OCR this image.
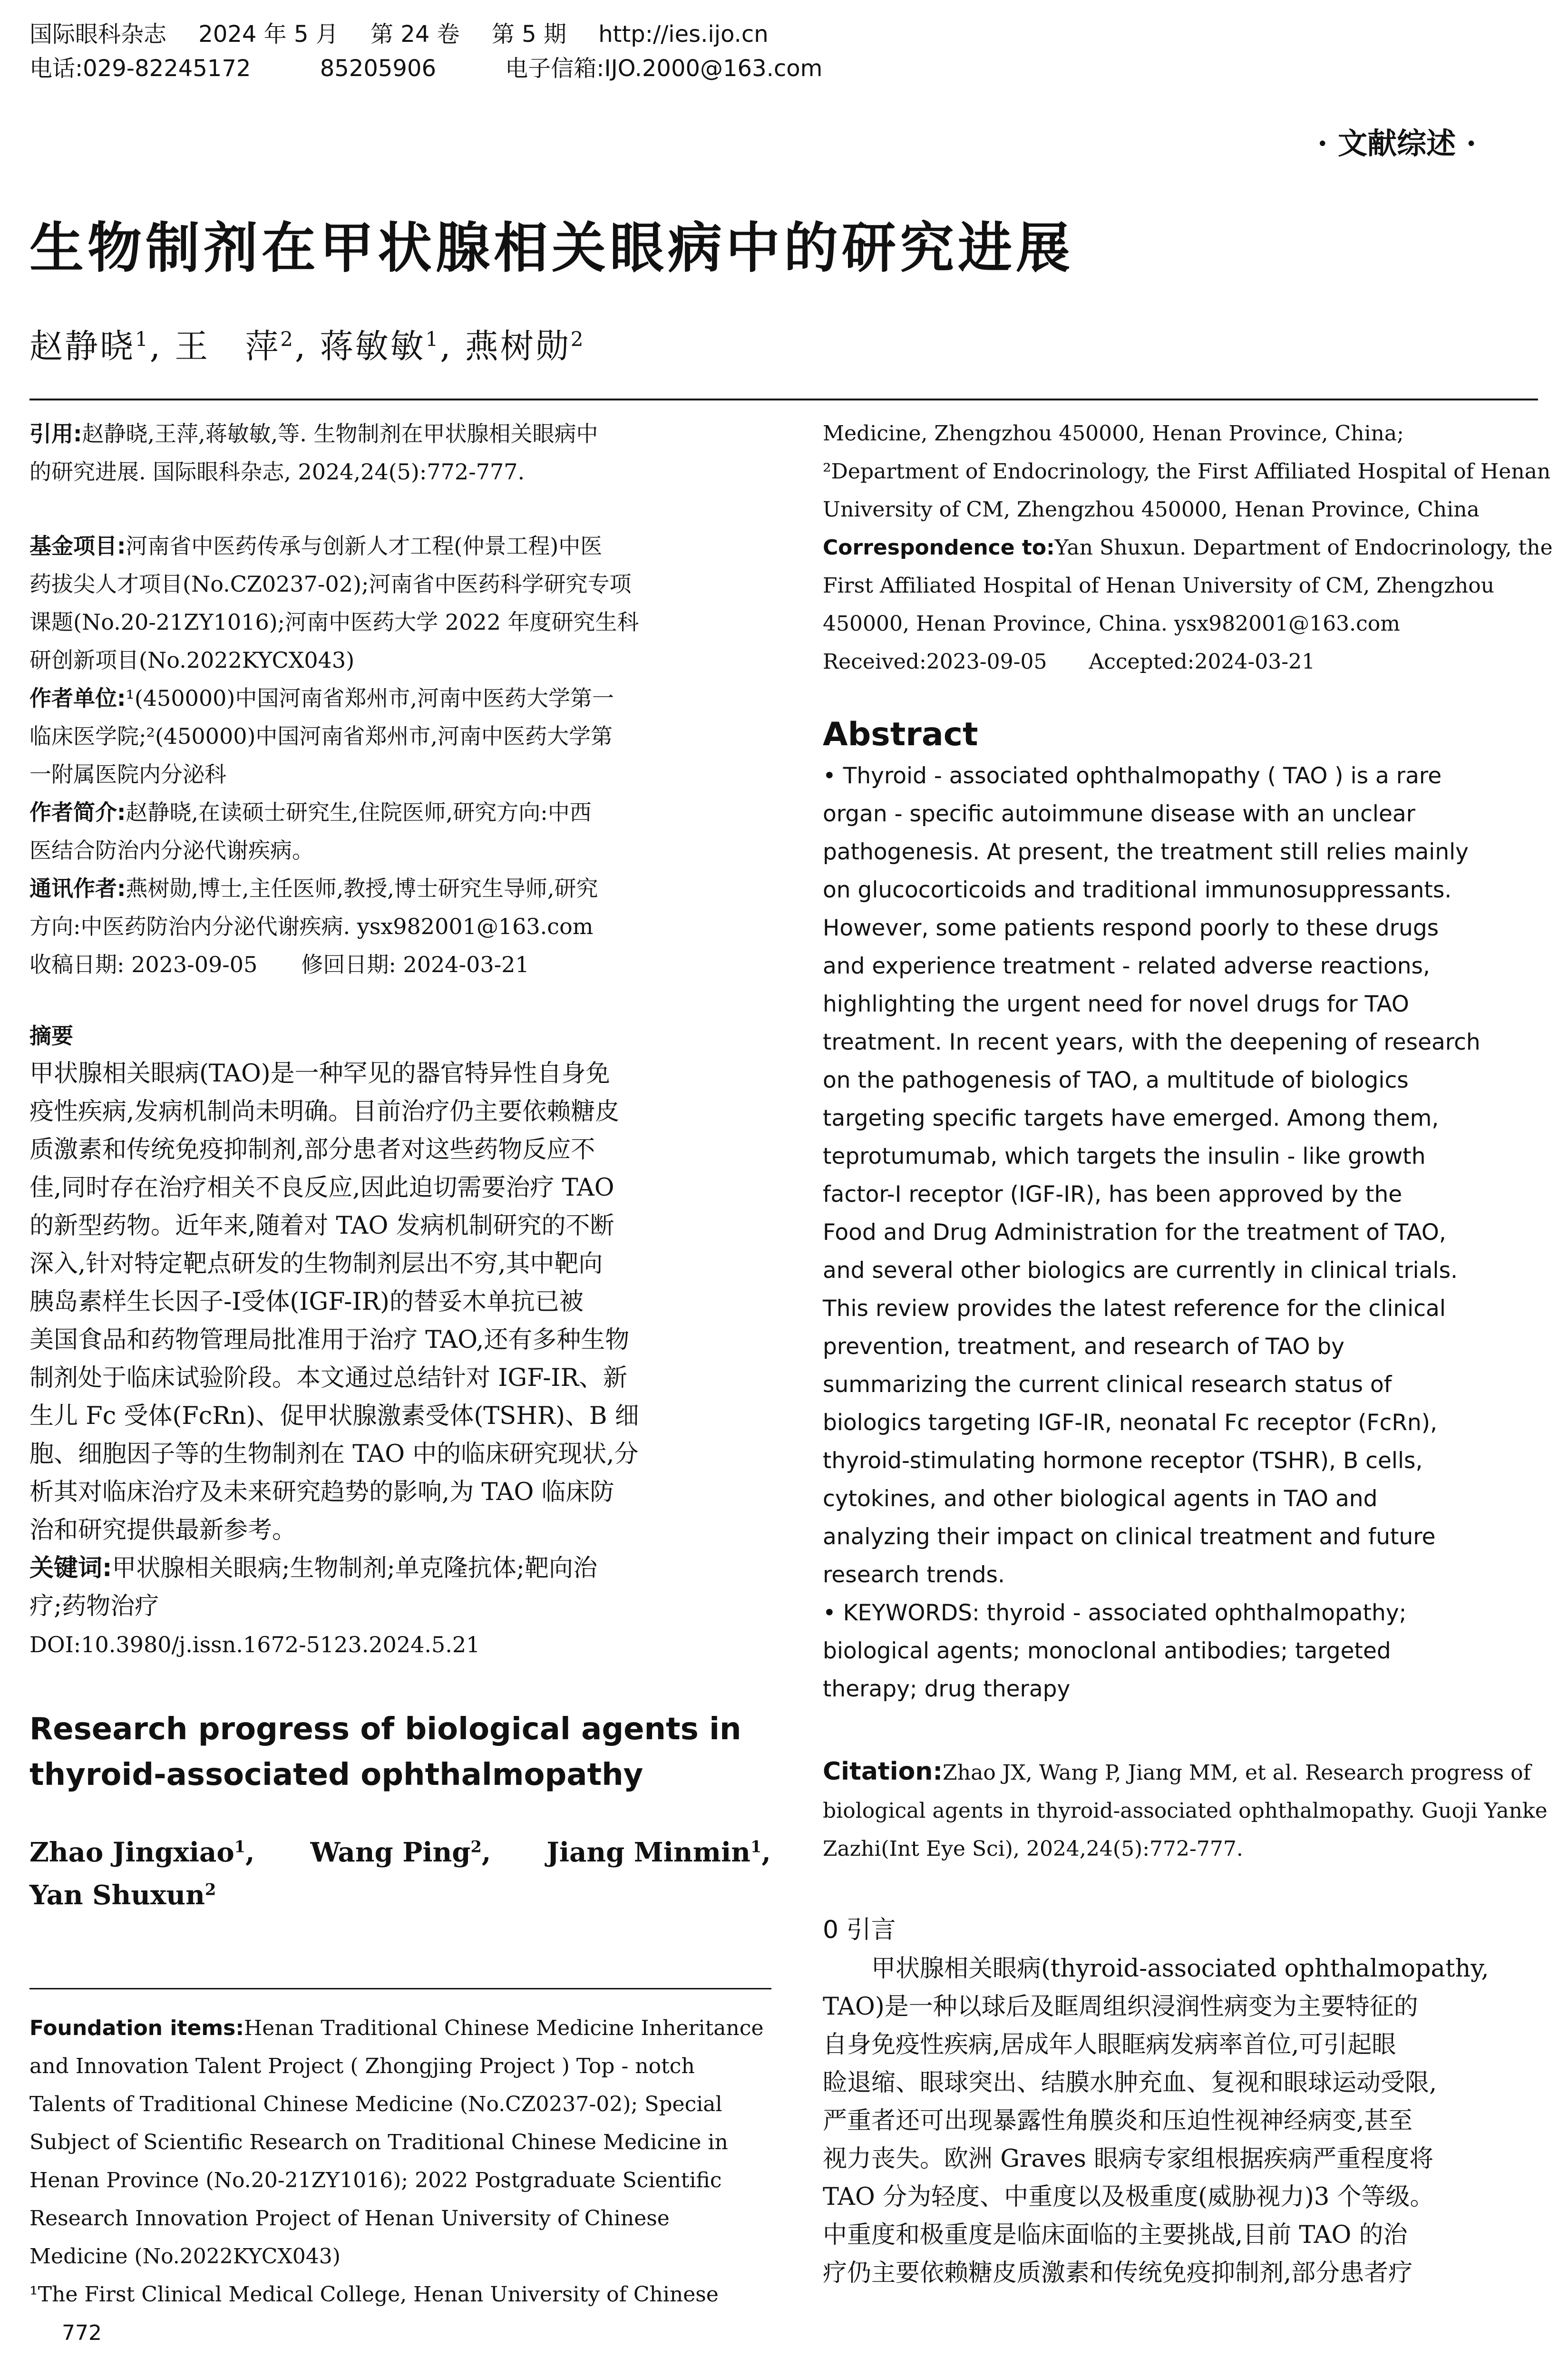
国际眼科杂志 2024 年 5 月 第 24 卷 第 5 期 http://ies.ijo.cn
电话:029-82245172	85205906	电子信箱:IJO.2000@163.com
· 文献综述 ·
生物制剂在甲状腺相关眼病中的研究进展
赵静晓$^1$, 王　萍$^2$, 蒋敏敏$^1$, 燕树勋$^2$
引用:赵静晓,王萍,蒋敏敏,等. 生物制剂在甲状腺相关眼病中
的研究进展. 国际眼科杂志, 2024,24(5):772-777.
基金项目:河南省中医药传承与创新人才工程(仲景工程)中医
药拔尖人才项目(No.CZ0237-02);河南省中医药科学研究专项
课题(No.20-21ZY1016);河南中医药大学 2022 年度研究生科
研创新项目(No.2022KYCX043)
作者单位:¹(450000)中国河南省郑州市,河南中医药大学第一
临床医学院;²(450000)中国河南省郑州市,河南中医药大学第
一附属医院内分泌科
作者简介:赵静晓,在读硕士研究生,住院医师,研究方向:中西
医结合防治内分泌代谢疾病。
通讯作者:燕树勋,博士,主任医师,教授,博士研究生导师,研究
方向:中医药防治内分泌代谢疾病. ysx982001@163.com
收稿日期: 2023-09-05　　修回日期: 2024-03-21
摘要
甲状腺相关眼病(TAO)是一种罕见的器官特异性自身免
疫性疾病,发病机制尚未明确。目前治疗仍主要依赖糖皮
质激素和传统免疫抑制剂,部分患者对这些药物反应不
佳,同时存在治疗相关不良反应,因此迫切需要治疗 TAO
的新型药物。近年来,随着对 TAO 发病机制研究的不断
深入,针对特定靶点研发的生物制剂层出不穷,其中靶向
胰岛素样生长因子-Ⅰ受体(IGF-IR)的替妥木单抗已被
美国食品和药物管理局批准用于治疗 TAO,还有多种生物
制剂处于临床试验阶段。本文通过总结针对 IGF-IR、新
生儿 Fc 受体(FcRn)、促甲状腺激素受体(TSHR)、B 细
胞、细胞因子等的生物制剂在 TAO 中的临床研究现状,分
析其对临床治疗及未来研究趋势的影响,为 TAO 临床防
治和研究提供最新参考。
关键词:甲状腺相关眼病;生物制剂;单克隆抗体;靶向治
疗;药物治疗
DOI:10.3980/j.issn.1672-5123.2024.5.21
Research progress of biological agents in
thyroid-associated ophthalmopathy
Zhao Jingxiao$^1$,      Wang Ping$^2$,      Jiang Minmin$^1$,
Yan Shuxun$^2$
Foundation items:Henan Traditional Chinese Medicine Inheritance
and Innovation Talent Project ( Zhongjing Project ) Top - notch
Talents of Traditional Chinese Medicine (No.CZ0237-02); Special
Subject of Scientific Research on Traditional Chinese Medicine in
Henan Province (No.20-21ZY1016); 2022 Postgraduate Scientific
Research Innovation Project of Henan University of Chinese
Medicine (No.2022KYCX043)
¹The First Clinical Medical College, Henan University of Chinese
772
Medicine, Zhengzhou 450000, Henan Province, China;
²Department of Endocrinology, the First Affiliated Hospital of Henan
University of CM, Zhengzhou 450000, Henan Province, China
Correspondence to:Yan Shuxun. Department of Endocrinology, the
First Affiliated Hospital of Henan University of CM, Zhengzhou
450000, Henan Province, China. ysx982001@163.com
Received:2023-09-05　　Accepted:2024-03-21
Abstract
• Thyroid - associated ophthalmopathy ( TAO ) is a rare
organ - specific autoimmune disease with an unclear
pathogenesis. At present, the treatment still relies mainly
on glucocorticoids and traditional immunosuppressants.
However, some patients respond poorly to these drugs
and experience treatment - related adverse reactions,
highlighting the urgent need for novel drugs for TAO
treatment. In recent years, with the deepening of research
on the pathogenesis of TAO, a multitude of biologics
targeting specific targets have emerged. Among them,
teprotumumab, which targets the insulin - like growth
factor-Ⅰ receptor (IGF-IR), has been approved by the
Food and Drug Administration for the treatment of TAO,
and several other biologics are currently in clinical trials.
This review provides the latest reference for the clinical
prevention, treatment, and research of TAO by
summarizing the current clinical research status of
biologics targeting IGF-IR, neonatal Fc receptor (FcRn),
thyroid-stimulating hormone receptor (TSHR), B cells,
cytokines, and other biological agents in TAO and
analyzing their impact on clinical treatment and future
research trends.
• KEYWORDS: thyroid - associated ophthalmopathy;
biological agents; monoclonal antibodies; targeted
therapy; drug therapy
Citation:Zhao JX, Wang P, Jiang MM, et al. Research progress of
biological agents in thyroid-associated ophthalmopathy. Guoji Yanke
Zazhi(Int Eye Sci), 2024,24(5):772-777.
0 引言
　　甲状腺相关眼病(thyroid-associated ophthalmopathy,
TAO)是一种以球后及眶周组织浸润性病变为主要特征的
自身免疫性疾病,居成年人眼眶病发病率首位,可引起眼
睑退缩、眼球突出、结膜水肿充血、复视和眼球运动受限,
严重者还可出现暴露性角膜炎和压迫性视神经病变,甚至
视力丧失。欧洲 Graves 眼病专家组根据疾病严重程度将
TAO 分为轻度、中重度以及极重度(威胁视力)3 个等级。
中重度和极重度是临床面临的主要挑战,目前 TAO 的治
疗仍主要依赖糖皮质激素和传统免疫抑制剂,部分患者疗
